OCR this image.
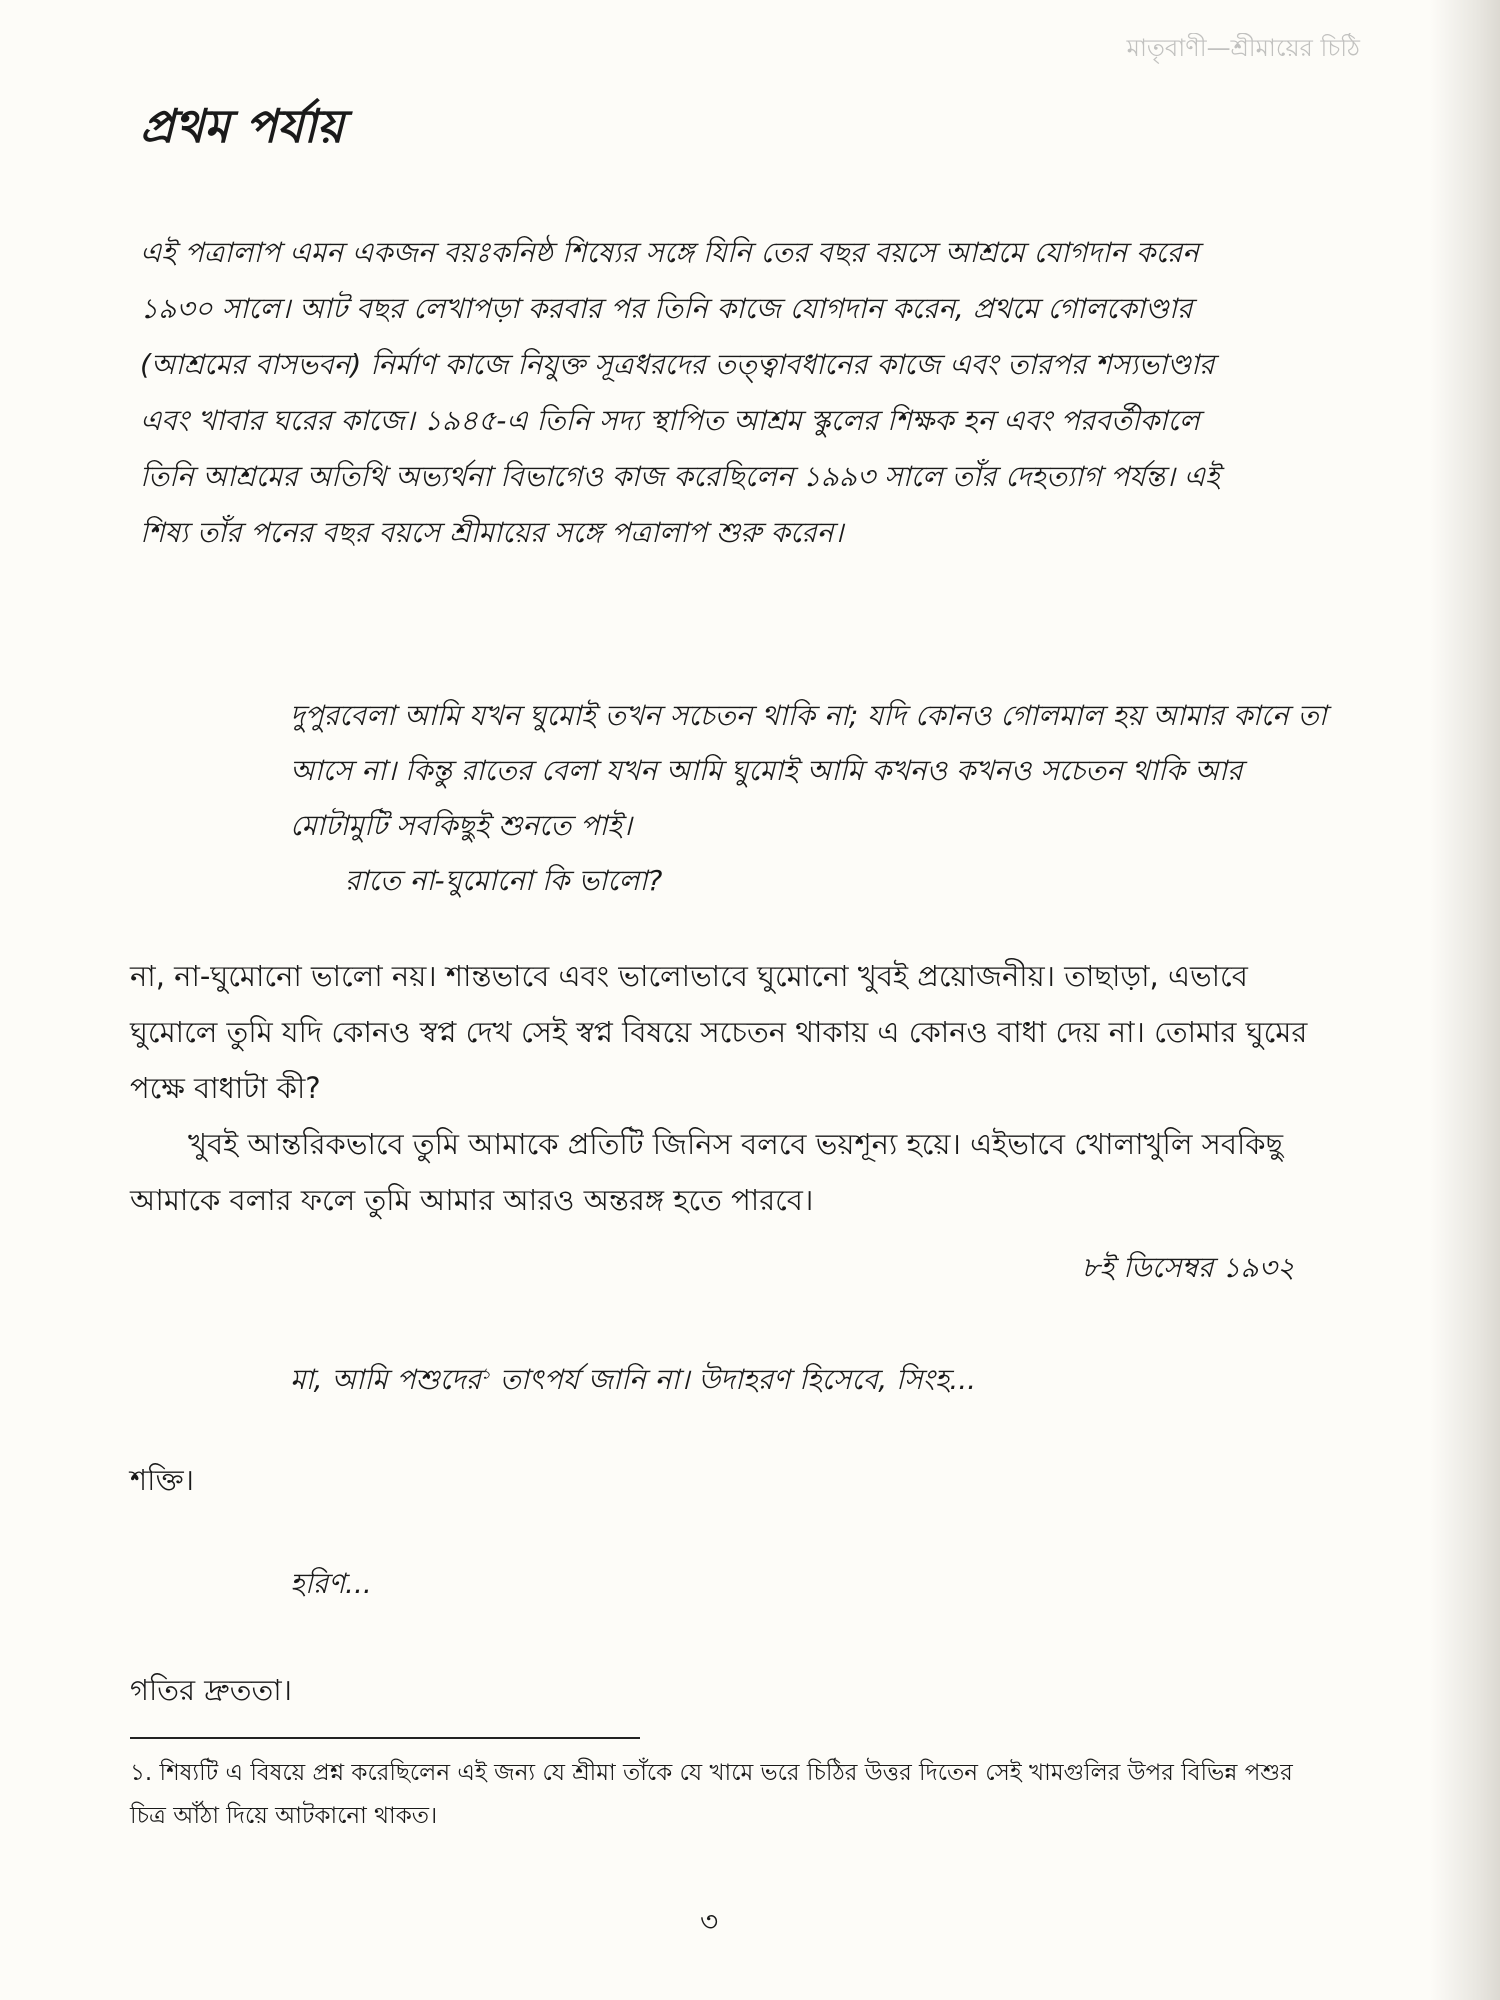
মাতৃবাণী—শ্রীমায়ের চিঠি
প্রথম পর্যায়
এই পত্রালাপ এমন একজন বয়ঃকনিষ্ঠ শিষ্যের সঙ্গে যিনি তের বছর বয়সে আশ্রমে যোগদান করেন ১৯৩০ সালে। আট বছর লেখাপড়া করবার পর তিনি কাজে যোগদান করেন, প্রথমে গোলকোণ্ডার (আশ্রমের বাসভবন) নির্মাণ কাজে নিযুক্ত সূত্রধরদের তত্ত্বাবধানের কাজে এবং তারপর শস্যভাণ্ডার এবং খাবার ঘরের কাজে। ১৯৪৫-এ তিনি সদ্য স্থাপিত আশ্রম স্কুলের শিক্ষক হন এবং পরবর্তীকালে তিনি আশ্রমের অতিথি অভ্যর্থনা বিভাগেও কাজ করেছিলেন ১৯৯৩ সালে তাঁর দেহত্যাগ পর্যন্ত। এই শিষ্য তাঁর পনের বছর বয়সে শ্রীমায়ের সঙ্গে পত্রালাপ শুরু করেন।
দুপুরবেলা আমি যখন ঘুমোই তখন সচেতন থাকি না; যদি কোনও গোলমাল হয় আমার কানে তা আসে না। কিন্তু রাতের বেলা যখন আমি ঘুমোই আমি কখনও কখনও সচেতন থাকি আর মোটামুটি সবকিছুই শুনতে পাই।
রাতে না-ঘুমোনো কি ভালো?

না, না-ঘুমোনো ভালো নয়। শান্তভাবে এবং ভালোভাবে ঘুমোনো খুবই প্রয়োজনীয়। তাছাড়া, এভাবে ঘুমোলে তুমি যদি কোনও স্বপ্ন দেখ সেই স্বপ্ন বিষয়ে সচেতন থাকায় এ কোনও বাধা দেয় না। তোমার ঘুমের পক্ষে বাধাটা কী?

খুবই আন্তরিকভাবে তুমি আমাকে প্রতিটি জিনিস বলবে ভয়শূন্য হয়ে। এইভাবে খোলাখুলি সবকিছু আমাকে বলার ফলে তুমি আমার আরও অন্তরঙ্গ হতে পারবে।

৮ই ডিসেম্বর ১৯৩২
মা, আমি পশুদের$^১$ তাৎপর্য জানি না। উদাহরণ হিসেবে, সিংহ...
শক্তি।
হরিণ...
গতির দ্রুততা।
১. শিষ্যটি এ বিষয়ে প্রশ্ন করেছিলেন এই জন্য যে শ্রীমা তাঁকে যে খামে ভরে চিঠির উত্তর দিতেন সেই খামগুলির উপর বিভিন্ন পশুর চিত্র আঁঠা দিয়ে আটকানো থাকত।
৩
